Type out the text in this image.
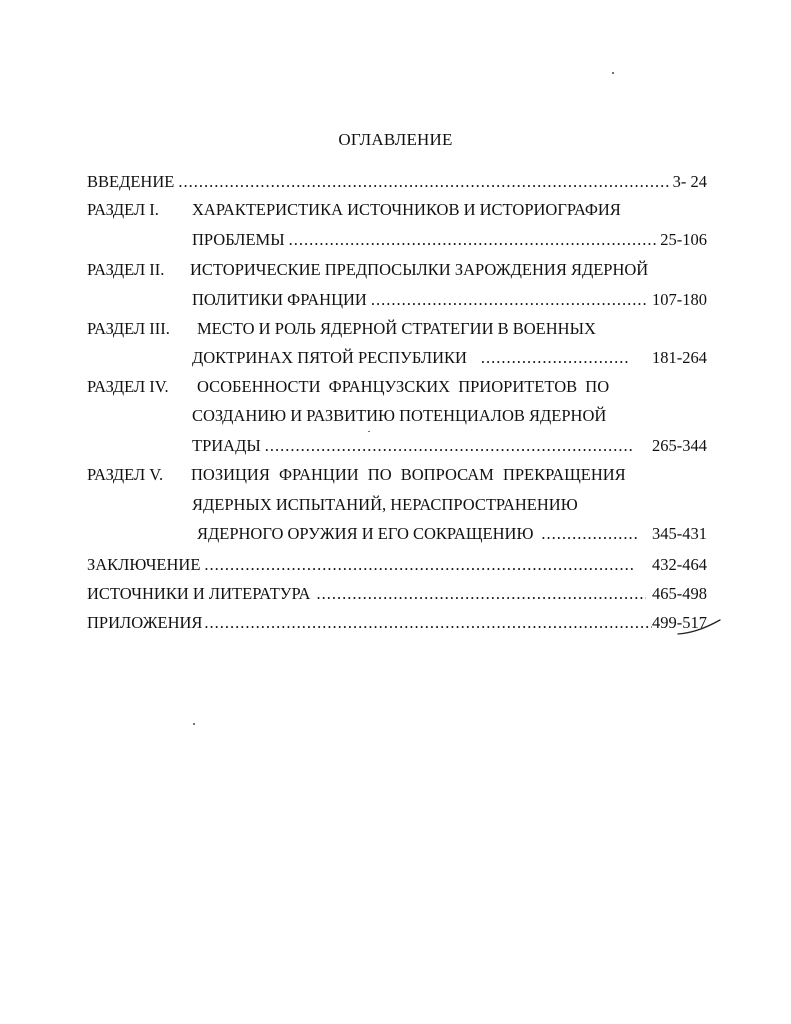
ОГЛАВЛЕНИЕ
ВВЕДЕНИЕ .....	3- 24
РАЗДЕЛ I. ХАРАКТЕРИСТИКА ИСТОЧНИКОВ И ИСТОРИОГРАФИЯ
ПРОБЛЕМЫ .....	25-106
РАЗДЕЛ II. ИСТОРИЧЕСКИЕ ПРЕДПОСЫЛКИ ЗАРОЖДЕНИЯ ЯДЕРНОЙ
ПОЛИТИКИ ФРАНЦИИ .....	107-180
РАЗДЕЛ III. МЕСТО И РОЛЬ ЯДЕРНОЙ СТРАТЕГИИ В ВОЕННЫХ
ДОКТРИНАХ ПЯТОЙ РЕСПУБЛИКИ .....	181-264
РАЗДЕЛ IV. ОСОБЕННОСТИ ФРАНЦУЗСКИХ ПРИОРИТЕТОВ ПО
СОЗДАНИЮ И РАЗВИТИЮ ПОТЕНЦИАЛОВ ЯДЕРНОЙ
ТРИАДЫ .....	265-344
РАЗДЕЛ V. ПОЗИЦИЯ ФРАНЦИИ ПО ВОПРОСАМ ПРЕКРАЩЕНИЯ
ЯДЕРНЫХ ИСПЫТАНИЙ, НЕРАСПРОСТРАНЕНИЮ
ЯДЕРНОГО ОРУЖИЯ И ЕГО СОКРАЩЕНИЮ .....	345-431
ЗАКЛЮЧЕНИЕ .....	432-464
ИСТОЧНИКИ И ЛИТЕРАТУРА .....	465-498
ПРИЛОЖЕНИЯ .....	499-517
